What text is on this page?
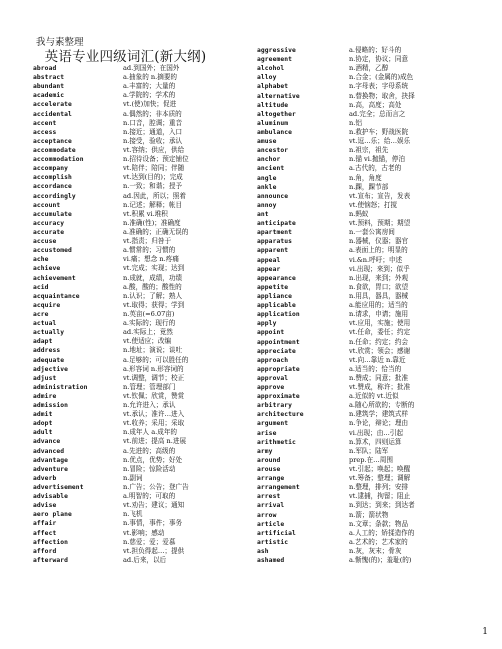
我与素整理
英语专业四级词汇(新大纲)
abroad	ad.到国外；在国外
abstract	a.抽象的 n.摘要的
abundant	a.丰富的；大量的
academic	a.学院的；学术的
accelerate	vt.(使)加快；促进
accidental	a.偶然的；非本质的
accent	n.口音，腔调；重音
access	n.接近；通道，入口
acceptance	n.接受，验收；承认
accommodate	vt.容纳；供应，供给
accommodation	n.招待设备；预定铺位
accompany	vt.陪伴；陪同；伴随
accomplish	vt.达到(目的)；完成
accordance	n.一致；和谐；授予
accordingly	ad.因此，所以；照着
account	n.记述；解释；帐目
accumulate	vt.积累 vi.堆积
accuracy	n.准确(性)；准确度
accurate	a.准确的；正确无误的
accuse	vt.指责；归咎于
accustomed	a.惯常的；习惯的
ache	vi.痛；想念 n.疼痛
achieve	vt.完成；实现；达到
achievement	n.成就，成绩，功绩
acid	a.酸，酸的；酸性的
acquaintance	n.认识；了解；熟人
acquire	vt.取得；获得；学到
acre	n.英亩(=6.07亩)
actual	a.实际的；现行的
actually	ad.实际上；竟然
adapt	vt.使适应；改编
address	n.地址；演说；谈吐
adequate	a.足够的；可以胜任的
adjective	a.形容词 n.形容词的
adjust	vt.调整，调节；校正
administration	n.管理；管理部门
admire	vt.钦佩；欣赏，赞赏
admission	n.允许进入；承认
admit	vt.承认；准许…进入
adopt	vt.收养；采用；采取
adult	n.成年人 a.成年的
advance	vt.前进；提高 n.进展
advanced	a.先进的；高级的
advantage	n.优点，优势；好处
adventure	n.冒险；惊险活动
adverb	n.副词
advertisement	n.广告；公告；登广告
advisable	a.明智的；可取的
advise	vt.劝告；建议；通知
aero plane	n.飞机
affair	n.事情，事件；事务
affect	vt.影响；感动
affection	n.慈爱；爱；爱慕
afford	vt.担负得起…；提供
afterward	ad.后来，以后
aggressive	a.侵略的；好斗的
agreement	n.协定，协议；同意
alcohol	n.酒精，乙醇
alloy	n.合金；(金属的)成色
alphabet	n.字母表；字母系统
alternative	n.替换物；取舍，抉择
altitude	n.高，高度；高处
altogether	ad.完全；总而言之
aluminum	n.铝
ambulance	n.救护车；野战医院
amuse	vt.逗…乐；给…娱乐
ancestor	n.祖宗，祖先
anchor	n.锚 vi.抛锚，停泊
ancient	a.古代的，古老的
angle	n.角，角度
ankle	n.踝，踝节部
announce	vt.宣布；宣告，发表
annoy	vt.使恼怒；打搅
ant	n.蚂蚁
anticipate	vt.预料，预期；期望
apartment	n.一套公寓房间
apparatus	n.器械，仪器；器官
apparent	a.表面上的；明显的
appeal	vi.&n.呼吁；申述
appear	vi.出现；来到；似乎
appearance	n.出现，来到；外观
appetite	n.食欲，胃口；欲望
appliance	n.用具，器具，器械
applicable	a.能应用的；适当的
application	n.请求，申请；施用
apply	vt.应用，实施；使用
appoint	vt.任命，委任；约定
appointment	n.任命；约定；约会
appreciate	vt.欣赏；领会；感谢
approach	vt.向…靠近 n.靠近
appropriate	a.适当的；恰当的
approval	n.赞成；同意；批准
approve	vt.赞成，称许；批准
approximate	a.近似的 vt.近似
arbitrary	a.随心所欲的；专断的
architecture	n.建筑学；建筑式样
argument	n.争论，辩论；理由
arise	vi.出现；由…引起
arithmetic	n.算术，四则运算
army	n.军队；陆军
around	prep.在…周围
arouse	vt.引起；唤起；唤醒
arrange	vt.筹备；整理；调解
arrangement	n.整理，排列；安排
arrest	vt.逮捕，拘留；阻止
arrival	n.到达；到来；到达者
arrow	n.箭；箭状物
article	n.文章；条款；物品
artificial	a.人工的；矫揉造作的
artistic	a.艺术的；艺术家的
ash	n.灰，灰末；骨灰
ashamed	a.惭愧(的)；羞耻(的)
1
